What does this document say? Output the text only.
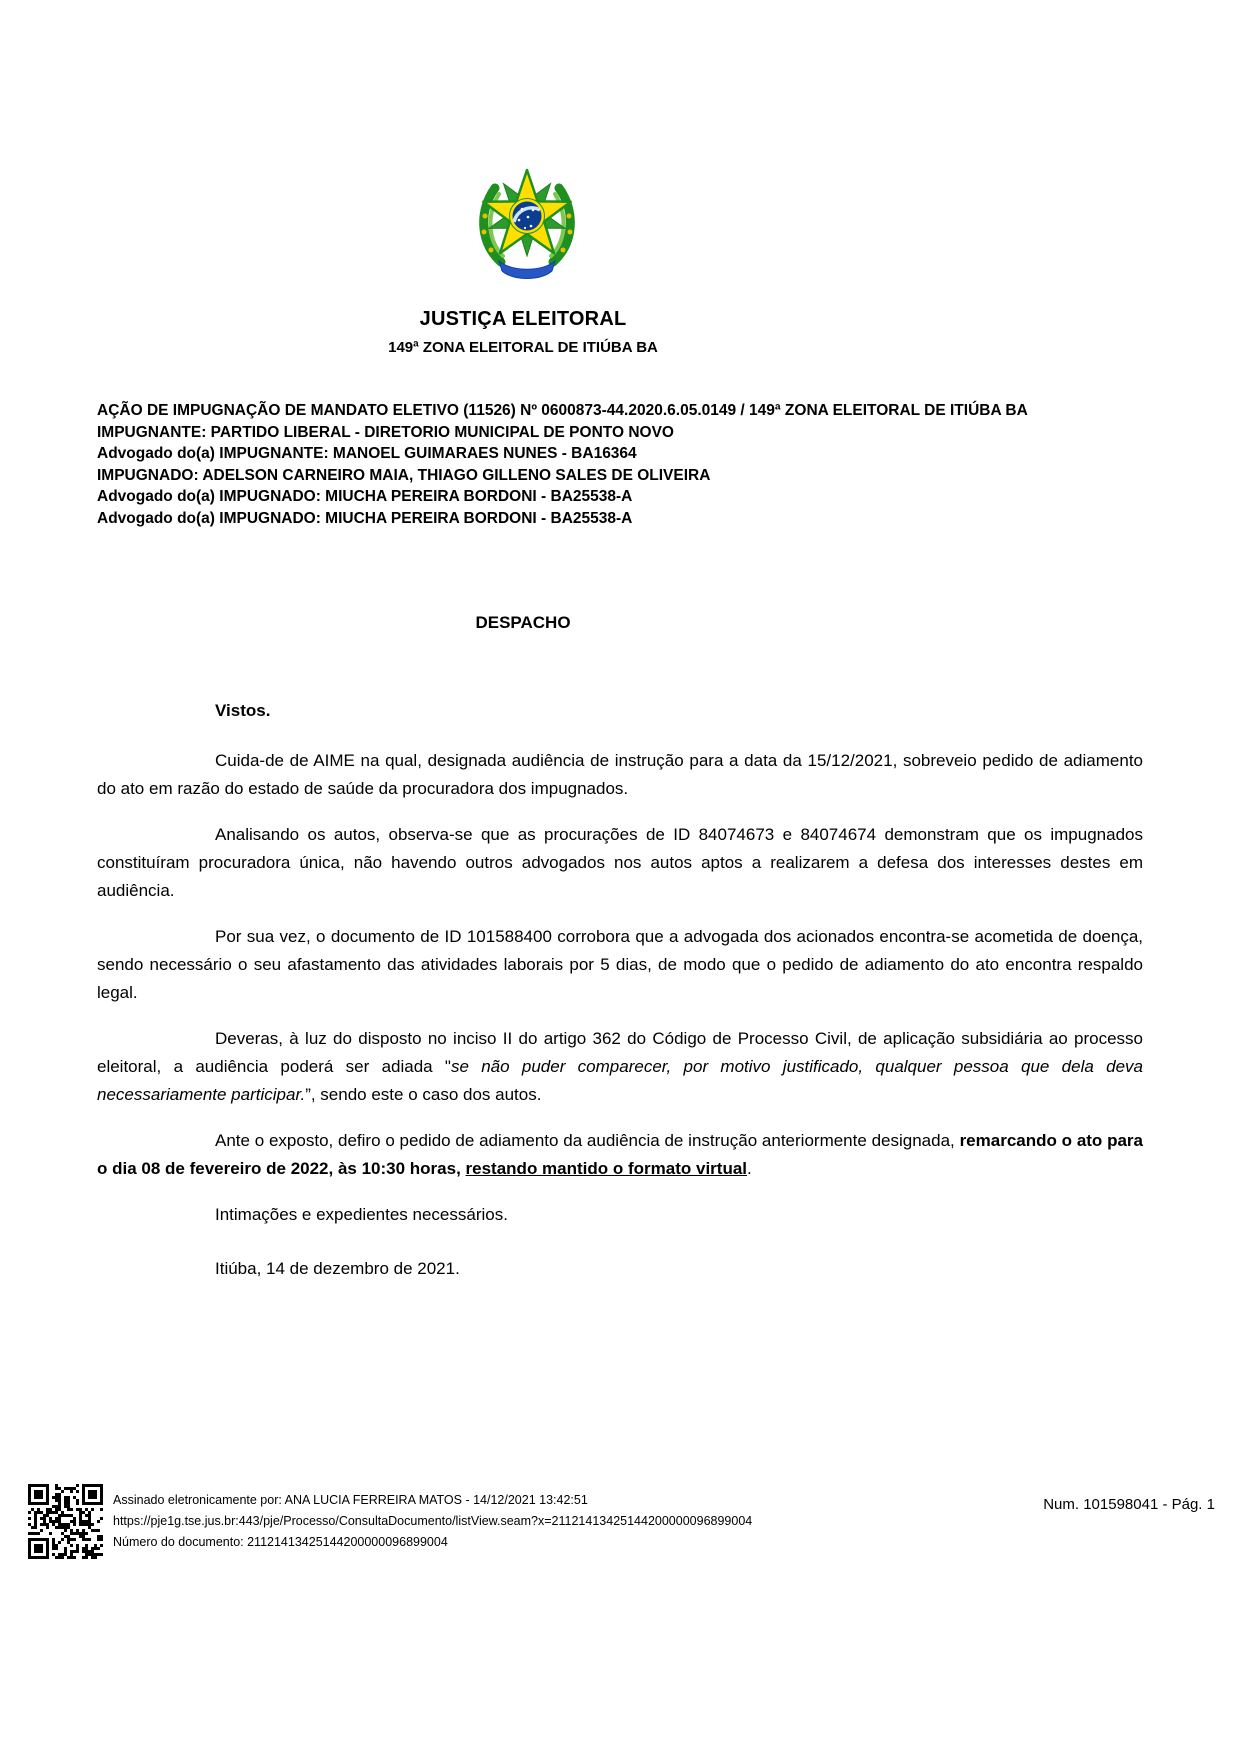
JUSTIÇA ELEITORAL
149ª ZONA ELEITORAL DE ITIÚBA BA

AÇÃO DE IMPUGNAÇÃO DE MANDATO ELETIVO (11526) Nº 0600873-44.2020.6.05.0149 / 149ª ZONA ELEITORAL DE ITIÚBA BA

IMPUGNANTE: PARTIDO LIBERAL - DIRETORIO MUNICIPAL DE PONTO NOVO

Advogado do(a) IMPUGNANTE: MANOEL GUIMARAES NUNES - BA16364

IMPUGNADO: ADELSON CARNEIRO MAIA, THIAGO GILLENO SALES DE OLIVEIRA

Advogado do(a) IMPUGNADO: MIUCHA PEREIRA BORDONI - BA25538-A

Advogado do(a) IMPUGNADO: MIUCHA PEREIRA BORDONI - BA25538-A

DESPACHO

Vistos.

Cuida-de de AIME na qual, designada audiência de instrução para a data da 15/12/2021, sobreveio pedido de adiamento do ato em razão do estado de saúde da procuradora dos impugnados.

Analisando os autos, observa-se que as procurações de ID 84074673 e 84074674 demonstram que os impugnados constituíram procuradora única, não havendo outros advogados nos autos aptos a realizarem a defesa dos interesses destes em audiência.

Por sua vez, o documento de ID 101588400 corrobora que a advogada dos acionados encontra-se acometida de doença, sendo necessário o seu afastamento das atividades laborais por 5 dias, de modo que o pedido de adiamento do ato encontra respaldo legal.

Deveras, à luz do disposto no inciso II do artigo 362 do Código de Processo Civil, de aplicação subsidiária ao processo eleitoral, a audiência poderá ser adiada "se não puder comparecer, por motivo justificado, qualquer pessoa que dela deva necessariamente participar.”, sendo este o caso dos autos.

Ante o exposto, defiro o pedido de adiamento da audiência de instrução anteriormente designada, remarcando o ato para o dia 08 de fevereiro de 2022, às 10:30 horas, restando mantido o formato virtual.

Intimações e expedientes necessários.

Itiúba, 14 de dezembro de 2021.

Assinado eletronicamente por: ANA LUCIA FERREIRA MATOS - 14/12/2021 13:42:51
https://pje1g.tse.jus.br:443/pje/Processo/ConsultaDocumento/listView.seam?x=21121413425144200000096899004
Número do documento: 21121413425144200000096899004
Num. 101598041 - Pág. 1
